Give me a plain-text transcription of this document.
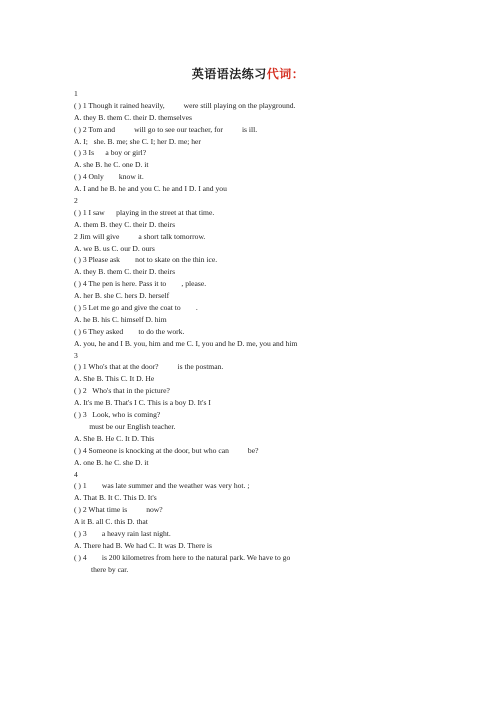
英语语法练习代词：
1
( ) 1 Though it rained heavily,          were still playing on the playground.
A. they B. them C. their D. themselves
( ) 2 Tom and          will go to see our teacher, for          is ill.
A. I;   she. B. me; she C. I; her D. me; her
( ) 3 Is      a boy or girl?
A. she B. he C. one D. it
( ) 4 Only        know it.
A. I and he B. he and you C. he and I D. I and you
2
( ) 1 I saw      playing in the street at that time.
A. them B. they C. their D. theirs
2 Jim will give          a short talk tomorrow.
A. we B. us C. our D. ours
( ) 3 Please ask        not to skate on the thin ice.
A. they B. them C. their D. theirs
( ) 4 The pen is here. Pass it to        , please.
A. her B. she C. hers D. herself
( ) 5 Let me go and give the coat to        .
A. he B. his C. himself D. him
( ) 6 They asked        to do the work.
A. you, he and I B. you, him and me C. I, you and he D. me, you and him
3
( ) 1 Who's that at the door?          is the postman.
A. She B. This C. It D. He
( ) 2   Who's that in the picture?
A. It's me B. That's I C. This is a boy D. It's I
( ) 3   Look, who is coming?
must be our English teacher.
A. She B. He C. It D. This
( ) 4 Someone is knocking at the door, but who can          be?
A. one B. he C. she D. it
4
( ) 1        was late summer and the weather was very hot. ;
A. That B. It C. This D. It's
( ) 2 What time is          now?
A it B. all C. this D. that
( ) 3        a heavy rain last night.
A. There had B. We had C. It was D. There is
( ) 4        is 200 kilometres from here to the natural park. We have to go
there by car.
